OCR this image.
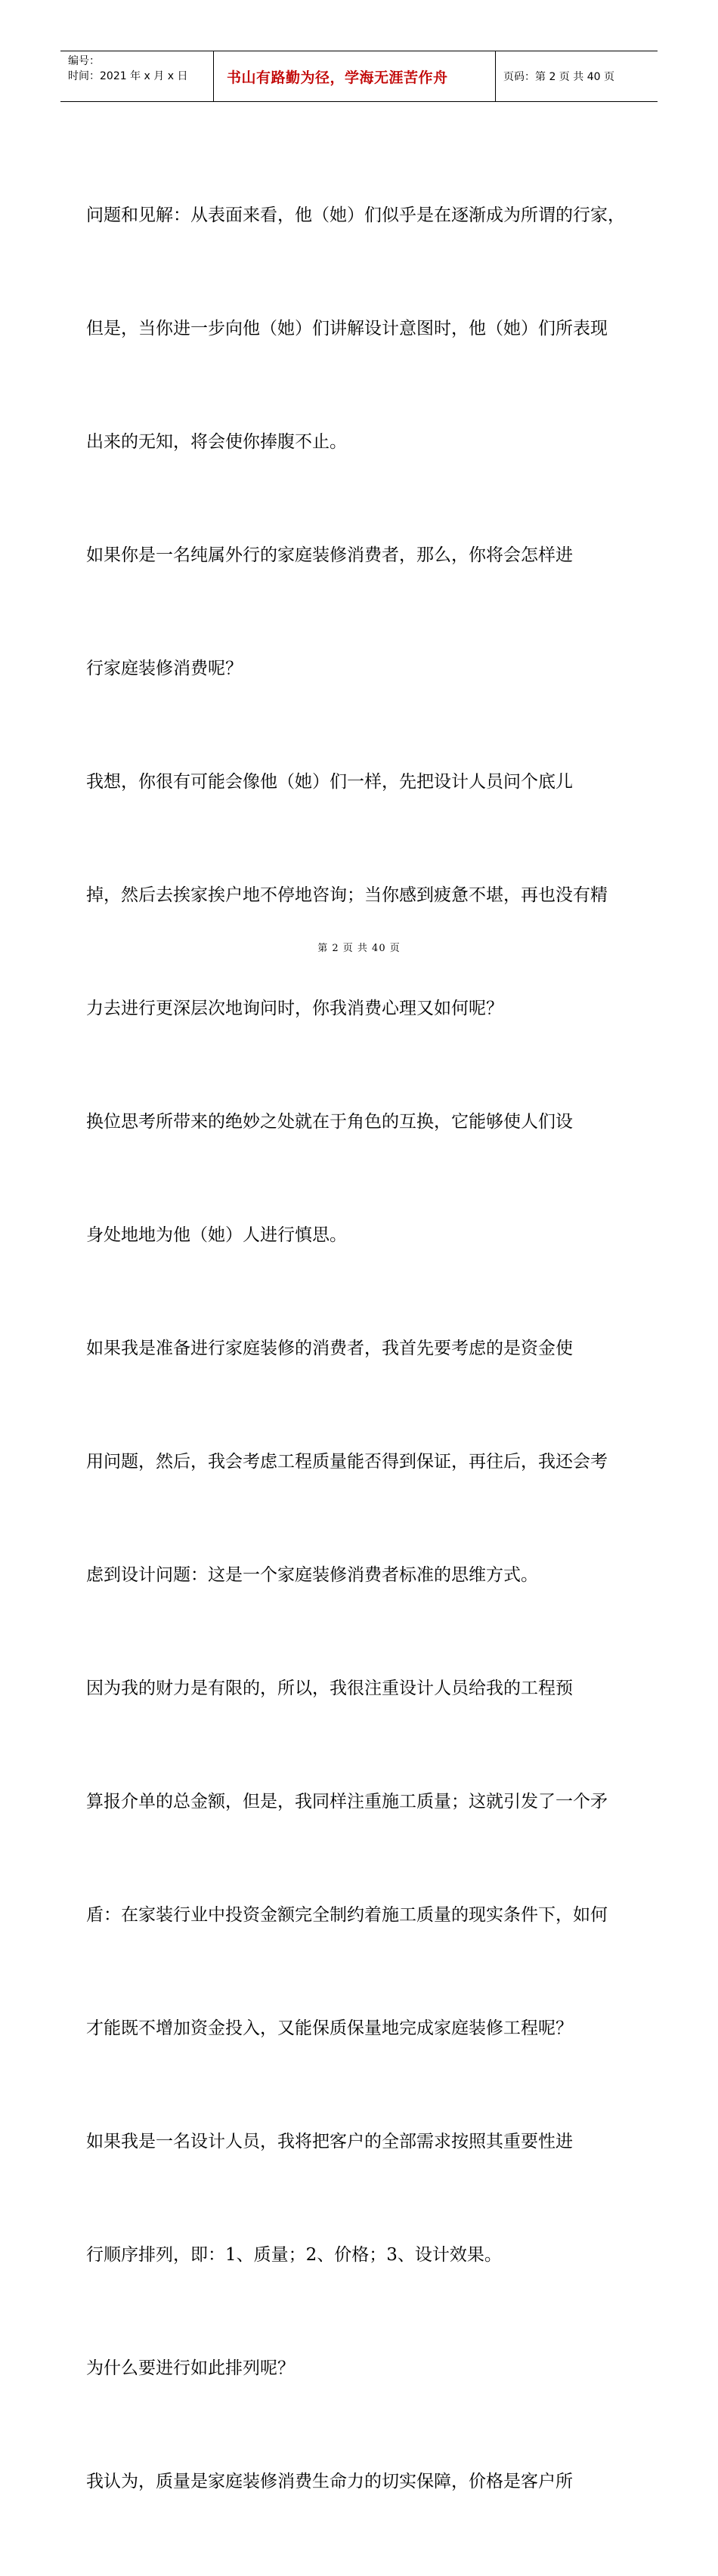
编号：
时间：2021 年 x 月 x 日	书山有路勤为径，学海无涯苦作舟	页码：第 2 页 共 40 页

问题和见解：从表面来看，他（她）们似乎是在逐渐成为所谓的行家，

但是，当你进一步向他（她）们讲解设计意图时，他（她）们所表现

出来的无知，将会使你捧腹不止。

如果你是一名纯属外行的家庭装修消费者，那么，你将会怎样进

行家庭装修消费呢？

我想，你很有可能会像他（她）们一样，先把设计人员问个底儿

掉，然后去挨家挨户地不停地咨询；当你感到疲惫不堪，再也没有精

力去进行更深层次地询问时，你我消费心理又如何呢？

换位思考所带来的绝妙之处就在于角色的互换，它能够使人们设

身处地地为他（她）人进行慎思。

如果我是准备进行家庭装修的消费者，我首先要考虑的是资金使

用问题，然后，我会考虑工程质量能否得到保证，再往后，我还会考

虑到设计问题：这是一个家庭装修消费者标准的思维方式。

因为我的财力是有限的，所以，我很注重设计人员给我的工程预

算报介单的总金额，但是，我同样注重施工质量；这就引发了一个矛

盾：在家装行业中投资金额完全制约着施工质量的现实条件下，如何

才能既不增加资金投入，又能保质保量地完成家庭装修工程呢？

如果我是一名设计人员，我将把客户的全部需求按照其重要性进

行顺序排列，即：1、质量；2、价格；3、设计效果。

为什么要进行如此排列呢？

我认为，质量是家庭装修消费生命力的切实保障，价格是客户所

第 2 页 共 40 页
